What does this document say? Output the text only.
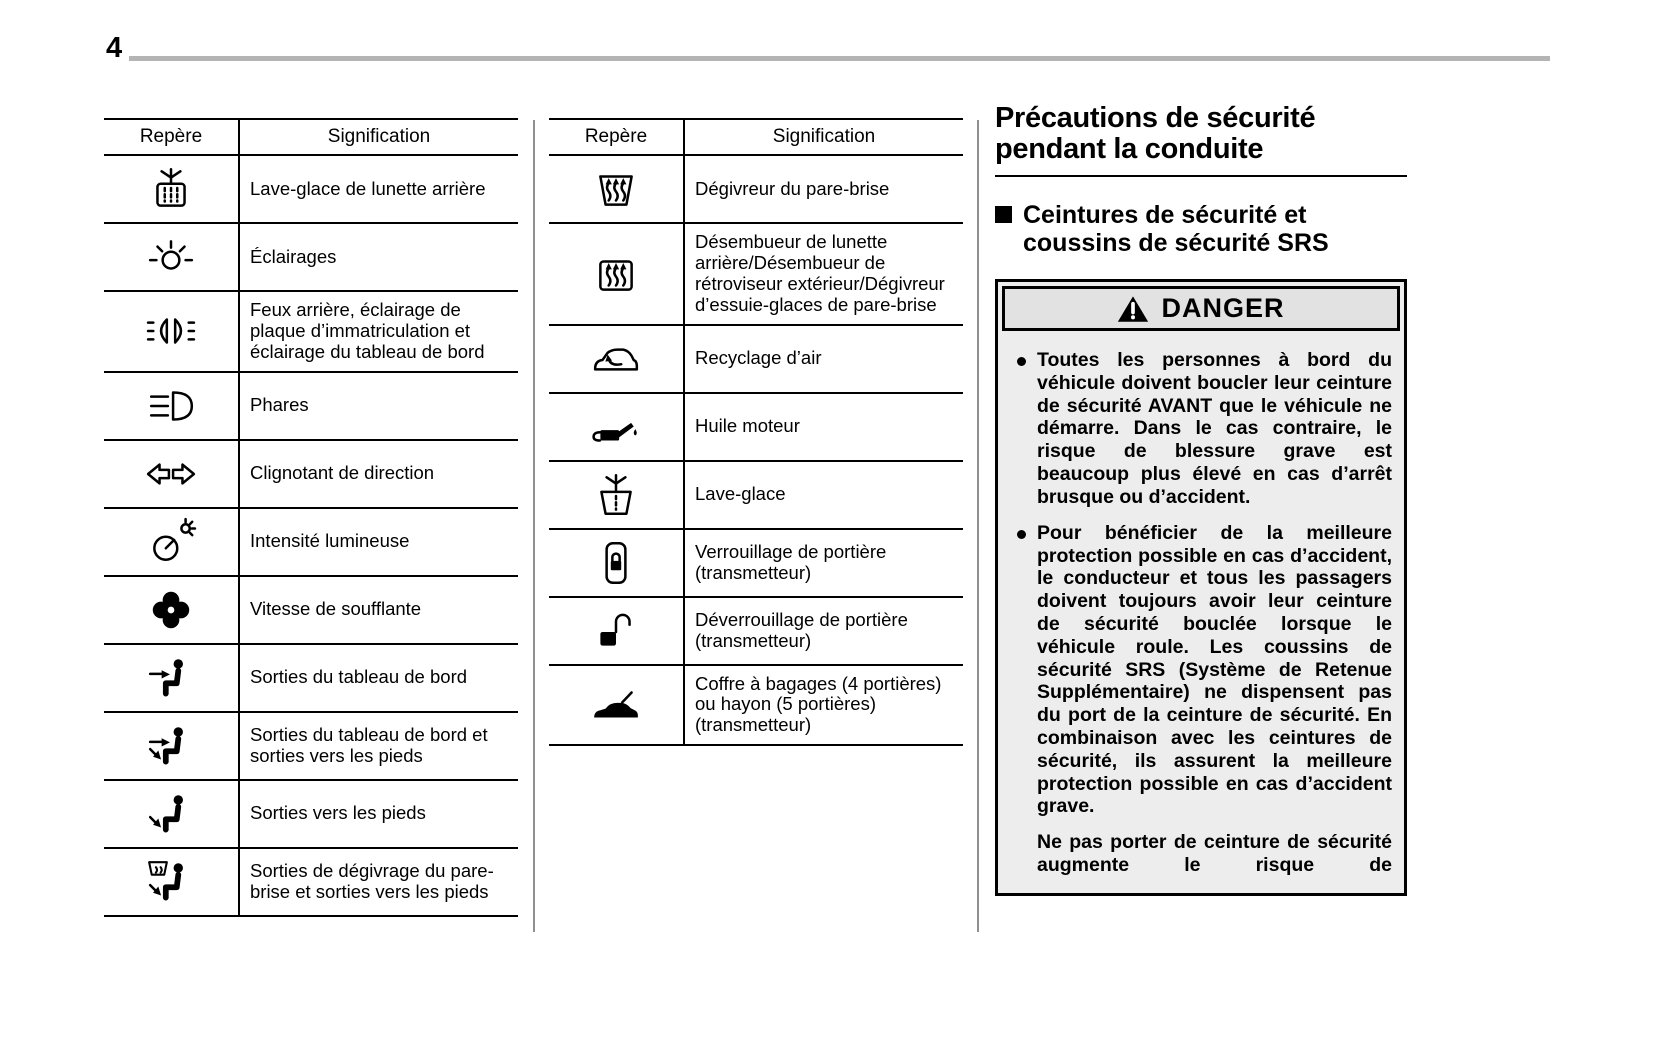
4
Repère	Signification
	Lave-glace de lunette arrière
	Éclairages
	Feux arrière, éclairage de plaque d’immatriculation et éclairage du tableau de bord
	Phares
	Clignotant de direction
	Intensité lumineuse
	Vitesse de soufflante
	Sorties du tableau de bord
	Sorties du tableau de bord et sorties vers les pieds
	Sorties vers les pieds
	Sorties de dégivrage du pare-brise et sorties vers les pieds
Repère	Signification
	Dégivreur du pare-brise
	Désembueur de lunette arrière/Désembueur de rétroviseur extérieur/Dégivreur d’essuie-glaces de pare-brise
	Recyclage d’air
	Huile moteur
	Lave-glace
	Verrouillage de portière (transmetteur)
	Déverrouillage de portière (transmetteur)
	Coffre à bagages (4 portières) ou hayon (5 portières) (transmetteur)
Précautions de sécurité pendant la conduite
Ceintures de sécurité et coussins de sécurité SRS
DANGER
Toutes les personnes à bord du véhicule doivent boucler leur ceinture de sécurité AVANT que le véhicule ne démarre. Dans le cas contraire, le risque de blessure grave est beaucoup plus élevé en cas d’arrêt brusque ou d’accident.
Pour bénéficier de la meilleure protection possible en cas d’accident, le conducteur et tous les passagers doivent toujours avoir leur ceinture de sécurité bouclée lorsque le véhicule roule. Les coussins de sécurité SRS (Système de Retenue Supplémentaire) ne dispensent pas du port de la ceinture de sécurité. En combinaison avec les ceintures de sécurité, ils assurent la meilleure protection possible en cas d’accident grave.
Ne pas porter de ceinture de sécurité augmente le risque de
